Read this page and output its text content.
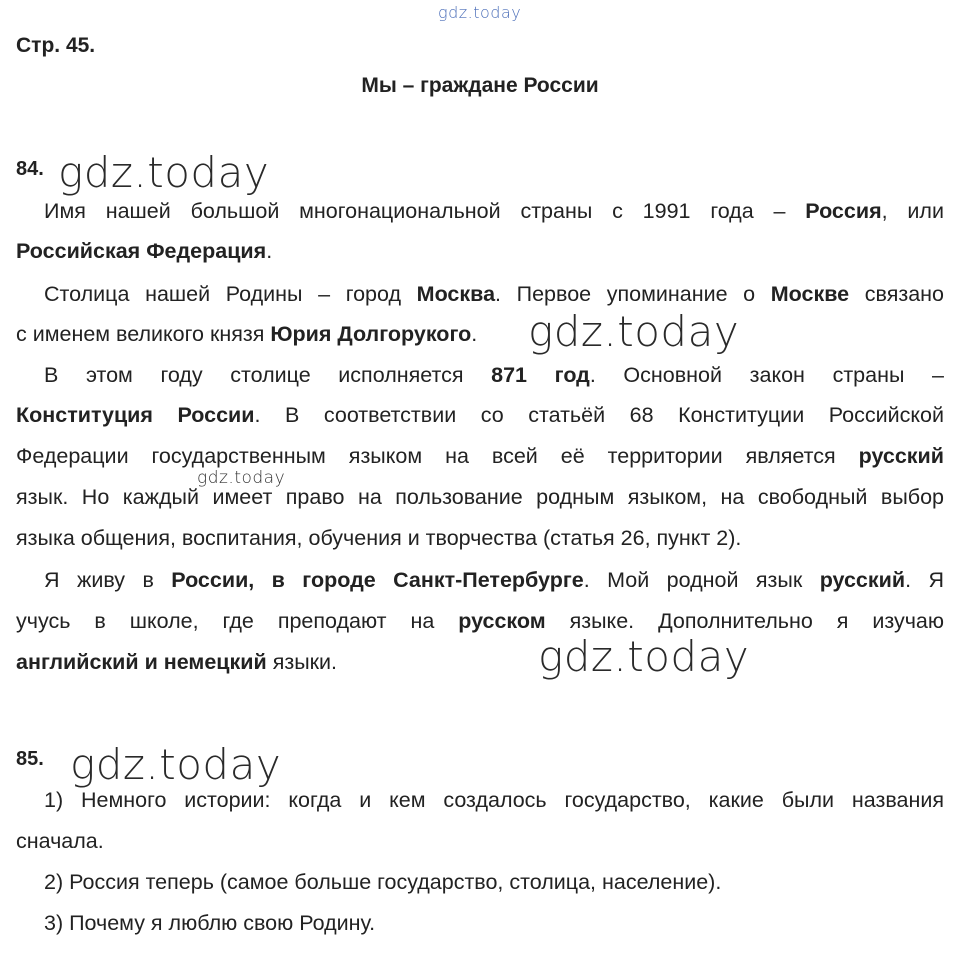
gdz.today
gdz.today
gdz.today
gdz.today
gdz.today
gdz.today
Стр. 45.
Мы – граждане России
84.
Имя нашей большой многонациональной страны с 1991 года – Россия, или
Российская Федерация.
Столица нашей Родины – город Москва. Первое упоминание о Москве связано
с именем великого князя Юрия Долгорукого.
В этом году столице исполняется 871 год. Основной закон страны –
Конституция России. В соответствии со статьёй 68 Конституции Российской
Федерации государственным языком на всей её территории является русский
язык. Но каждый имеет право на пользование родным языком, на свободный выбор
языка общения, воспитания, обучения и творчества (статья 26, пункт 2).
Я живу в России, в городе Санкт-Петербурге. Мой родной язык русский. Я
учусь в школе, где преподают на русском языке. Дополнительно я изучаю
английский и немецкий языки.
85.
1) Немного истории: когда и кем создалось государство, какие были названия
сначала.
2) Россия теперь (самое больше государство, столица, население).
3) Почему я люблю свою Родину.
